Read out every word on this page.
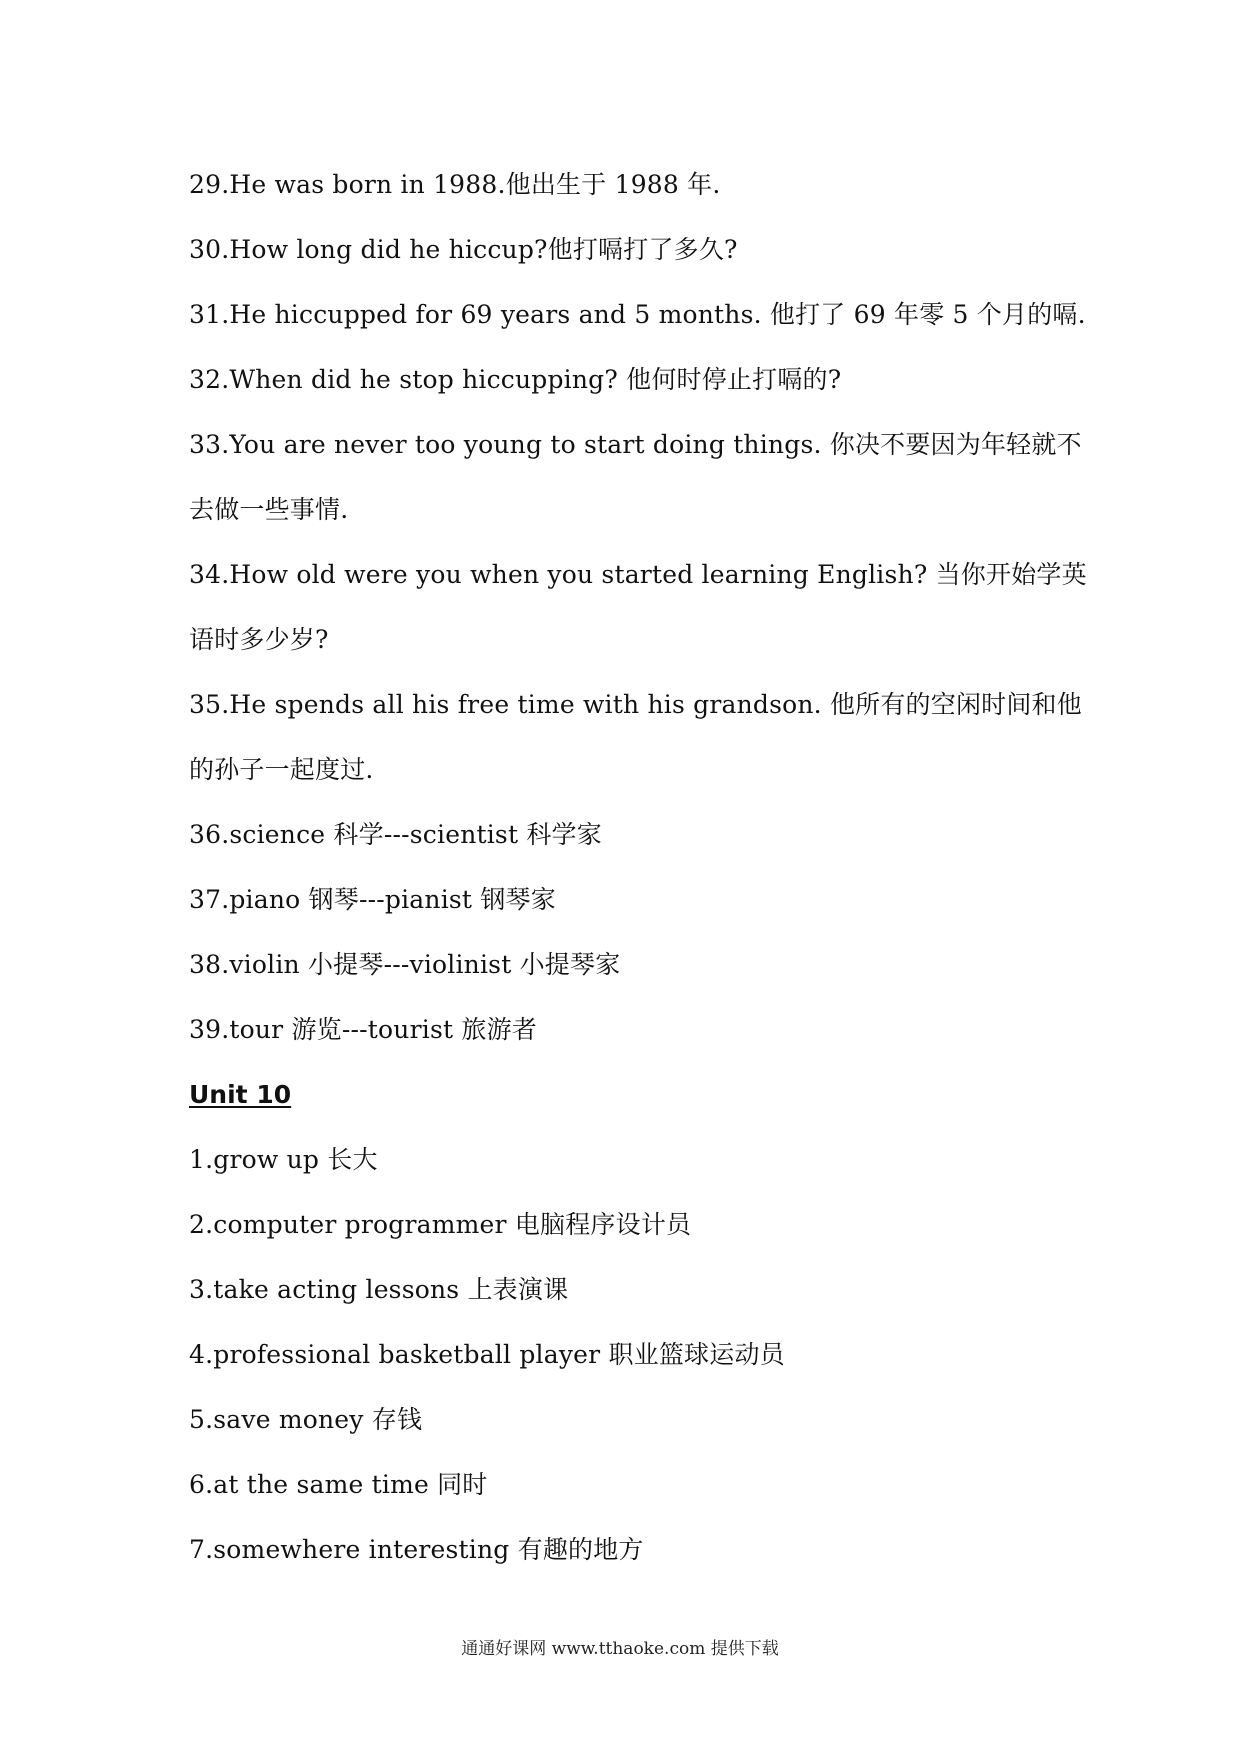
29.He was born in 1988.他出生于 1988 年.
30.How long did he hiccup?他打嗝打了多久?
31.He hiccupped for 69 years and 5 months. 他打了 69 年零 5 个月的嗝.
32.When did he stop hiccupping? 他何时停止打嗝的?
33.You are never too young to start doing things. 你决不要因为年轻就不
去做一些事情.
34.How old were you when you started learning English? 当你开始学英
语时多少岁?
35.He spends all his free time with his grandson. 他所有的空闲时间和他
的孙子一起度过.
36.science 科学---scientist 科学家
37.piano 钢琴---pianist 钢琴家
38.violin 小提琴---violinist 小提琴家
39.tour 游览---tourist 旅游者
Unit 10
1.grow up 长大
2.computer programmer 电脑程序设计员
3.take acting lessons 上表演课
4.professional basketball player 职业篮球运动员
5.save money 存钱
6.at the same time 同时
7.somewhere interesting 有趣的地方
通通好课网 www.tthaoke.com 提供下载
